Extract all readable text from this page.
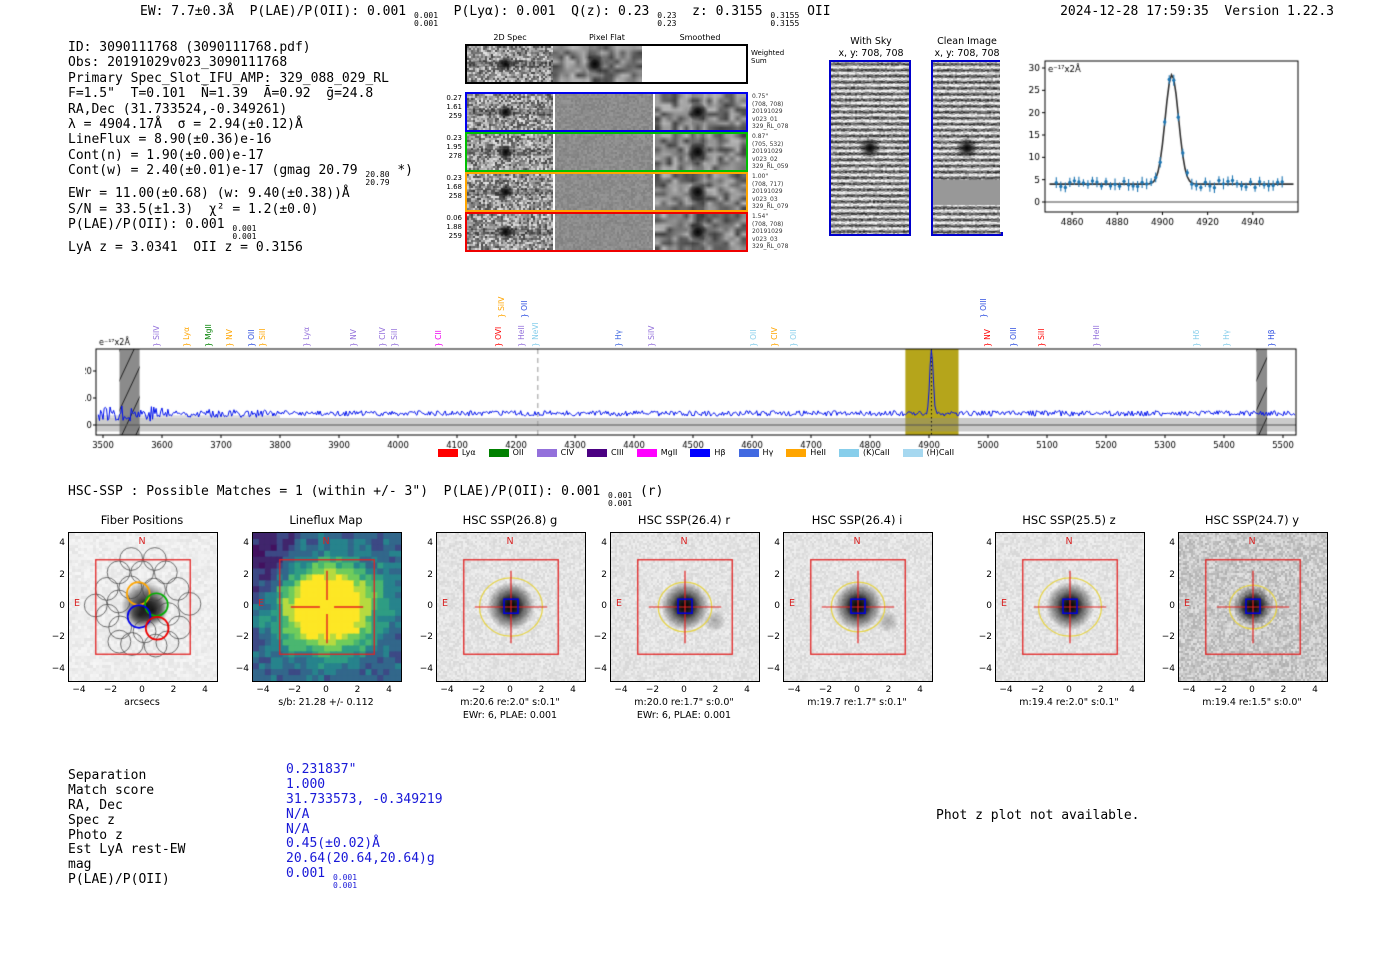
EW: 7.7±0.3Å  P(LAE)/P(OII): 0.001 0.001
0.001
P(Lyα): 0.001  Q(z): 0.23 0.23
0.23
z: 0.3155 0.3155
0.3155
OII	2024-12-28 17:59:35  Version 1.22.3
ID: 3090111768 (3090111768.pdf)
Obs: 20191029v023_3090111768
Primary Spec_Slot_IFU_AMP: 329_088_029_RL
F=1.5"  T=0.101  N̄=1.39  Ā=0.92  ḡ=24.8
RA,Dec (31.733524,-0.349261)
λ = 4904.17Å  σ = 2.94(±0.12)Å
LineFlux = 8.90(±0.36)e-16
Cont(n) = 1.90(±0.00)e-17
Cont(w) = 2.40(±0.01)e-17 (gmag 20.79 20.80
20.79
*)
EWr = 11.00(±0.68) (w: 9.40(±0.38))Å
S/N = 33.5(±1.3)  χ² = 1.2(±0.0)
P(LAE)/P(OII): 0.001 0.001
0.001
LyA z = 3.0341  OII z = 0.3156
2D Spec	Pixel Flat	Smoothed
Weighted
Sum
0.27
1.61
259
0.75"
(708, 708)
20191029
v023_01
329_RL_078
0.23
1.95
278
0.87"
(705, 532)
20191029
v023_02
329_RL_059
0.23
1.68
258
1.00"
(708, 717)
20191029
v023_03
329_RL_079
0.06
1.88
259
1.54"
(708, 708)
20191029
v023_03
329_RL_078
With Sky
x, y: 708, 708
Clean Image
x, y: 708, 708
} SiIV	} Lyα } MgII } NV } OII } SiII	} Lyα	} NV	} CIV } SiII	} CII	} OVI
} SiIV } OII
} HeII } NeVI	} Hγ	} SiIV	} OII } CIV } OII
} OIII
} NV } OIII	} SiII	} HeII	} Hδ	} Hγ	} Hβ
Lyα	OII	CIV	CIII	MgII	Hβ	Hγ	HeII	(K)CaII	(H)CaII
HSC-SSP : Possible Matches = 1 (within +/- 3")  P(LAE)/P(OII): 0.001 0.001
0.001
(r)
Fiber Positions
N
E
−4
−4
−2
−2
0
0
2
2
4
4
arcsecs
Lineflux Map
N
E
−4
−4
−2
−2
0
0
2
2
4
4
s/b: 21.28 +/- 0.112
HSC SSP(26.8) g
N
E
−4
−4
−2
−2
0
0
2
2
4
4
m:20.6 re:2.0" s:0.1"
EWr: 6, PLAE: 0.001
HSC SSP(26.4) r
N
E
−4
−4
−2
−2
0
0
2
2
4
4
m:20.0 re:1.7" s:0.0"
EWr: 6, PLAE: 0.001
HSC SSP(26.4) i
N
E
−4
−4
−2
−2
0
0
2
2
4
4
m:19.7 re:1.7" s:0.1"
HSC SSP(25.5) z
N
E
−4
−4
−2
−2
0
0
2
2
4
4
m:19.4 re:2.0" s:0.1"
HSC SSP(24.7) y
N
E
−4
−4
−2
−2
0
0
2
2
4
4
m:19.4 re:1.5" s:0.0"
Separation	0.231837"
Match score	1.000
RA, Dec	31.733573, -0.349219
Spec z	N/A
Photo z	N/A
Est LyA rest-EW	0.45(±0.02)Å
mag	20.64(20.64,20.64)g
P(LAE)/P(OII)	0.001 0.001
0.001
Phot z plot not available.
